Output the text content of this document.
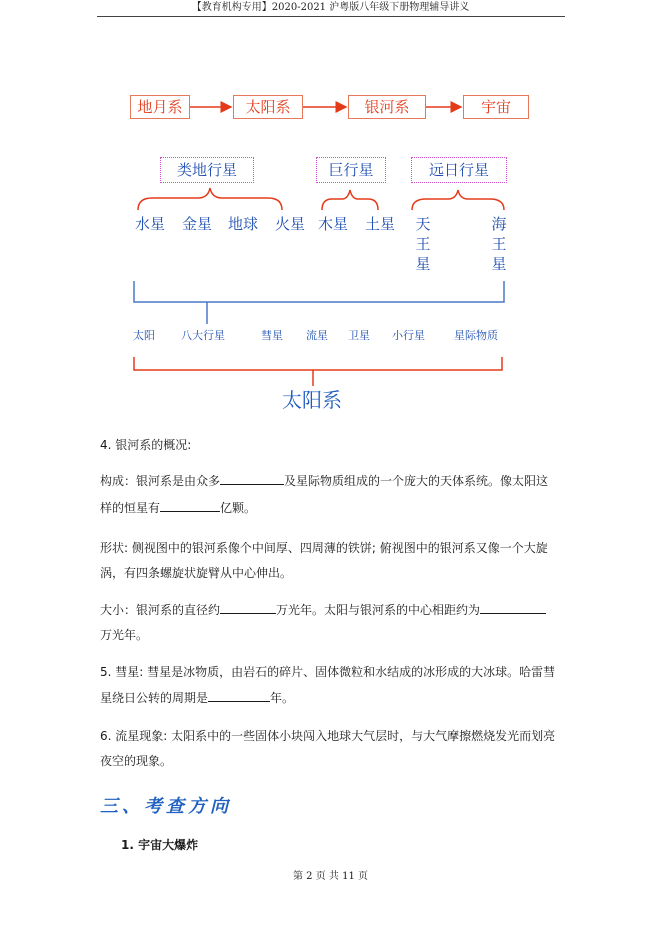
【教育机构专用】2020-2021 沪粤版八年级下册物理辅导讲义
地月系	太阳系	银河系	宇宙
类地行星	巨行星	远日行星
水星 金星 地球 火星 木星 土星 天
王
星
海
王
星
太阳 八大行星	彗星 流星 卫星 小行星	星际物质
太阳系
4. 银河系的概况:
构成：银河系是由众多	及星际物质组成的一个庞大的天体系统。像太阳这
样的恒星有	亿颗。
形状: 侧视图中的银河系像个中间厚、四周薄的铁饼; 俯视图中的银河系又像一个大旋
涡，有四条螺旋状旋臂从中心伸出。
大小：银河系的直径约	万光年。太阳与银河系的中心相距约为
万光年。
5. 彗星: 彗星是冰物质，由岩石的碎片、固体微粒和水结成的冰形成的大冰球。哈雷彗
星绕日公转的周期是	年。
6. 流星现象: 太阳系中的一些固体小块闯入地球大气层时，与大气摩擦燃烧发光而划亮
夜空的现象。
三、考查方向
1. 宇宙大爆炸
第 2 页 共 11 页
